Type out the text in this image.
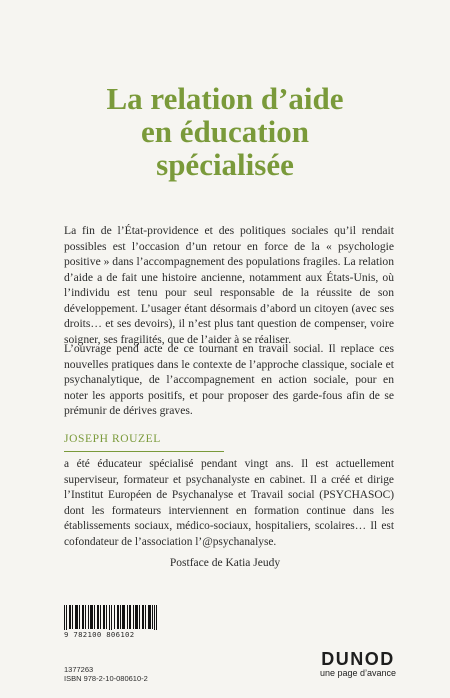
La relation d’aide
en éducation
spécialisée

La fin de l’État-providence et des politiques sociales qu’il rendait possibles est l’occasion d’un retour en force de la « psychologie positive » dans l’accompagnement des populations fragiles. La relation d’aide a de fait une histoire ancienne, notamment aux États-Unis, où l’individu est tenu pour seul responsable de la réussite de son développement. L’usager étant désormais d’abord un citoyen (avec ses droits… et ses devoirs), il n’est plus tant question de compenser, voire soigner, ses fragilités, que de l’aider à se réaliser.

L’ouvrage pend acte de ce tournant en travail social. Il replace ces nouvelles pratiques dans le contexte de l’approche classique, sociale et psychanalytique, de l’accompagnement en action sociale, pour en noter les apports positifs, et pour proposer des garde-fous afin de se prémunir de dérives graves.

JOSEPH ROUZEL

a été éducateur spécialisé pendant vingt ans. Il est actuellement superviseur, formateur et psychanalyste en cabinet. Il a créé et dirige l’Institut Européen de Psychanalyse et Travail social (PSYCHASOC) dont les formateurs interviennent en formation continue dans les établissements sociaux, médico-sociaux, hospitaliers, scolaires… Il est cofondateur de l’association l’@psychanalyse.

Postface de Katia Jeudy
9 782100 806102
1377263
ISBN 978-2-10-080610-2
DUNOD
une page d’avance
